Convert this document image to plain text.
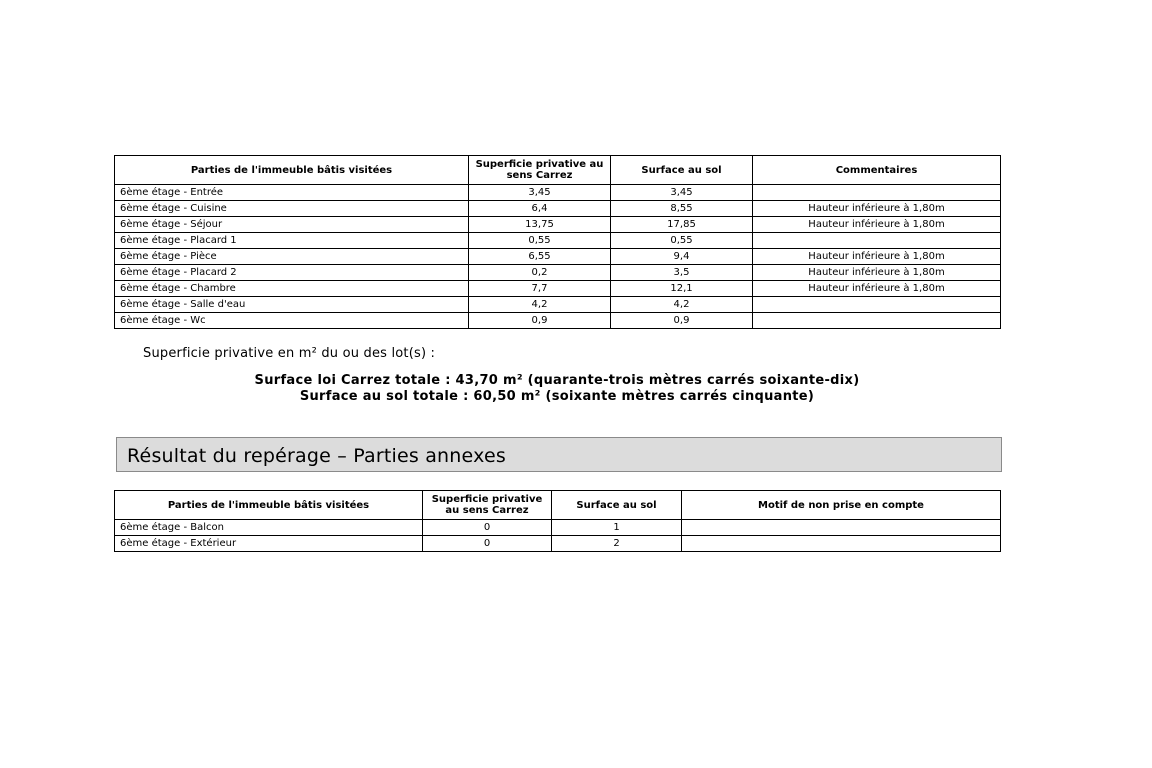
Parties de l'immeuble bâtis visitées	Superficie privative au sens Carrez	Surface au sol	Commentaires
6ème étage - Entrée	3,45	3,45	
6ème étage - Cuisine	6,4	8,55	Hauteur inférieure à 1,80m
6ème étage - Séjour	13,75	17,85	Hauteur inférieure à 1,80m
6ème étage - Placard 1	0,55	0,55	
6ème étage - Pièce	6,55	9,4	Hauteur inférieure à 1,80m
6ème étage - Placard 2	0,2	3,5	Hauteur inférieure à 1,80m
6ème étage - Chambre	7,7	12,1	Hauteur inférieure à 1,80m
6ème étage - Salle d'eau	4,2	4,2	
6ème étage - Wc	0,9	0,9	
Superficie privative en m² du ou des lot(s) :
Surface loi Carrez totale : 43,70 m² (quarante-trois mètres carrés soixante-dix)
Surface au sol totale : 60,50 m² (soixante mètres carrés cinquante)
Résultat du repérage – Parties annexes
Parties de l'immeuble bâtis visitées	Superficie privative au sens Carrez	Surface au sol	Motif de non prise en compte
6ème étage - Balcon	0	1	
6ème étage - Extérieur	0	2	
